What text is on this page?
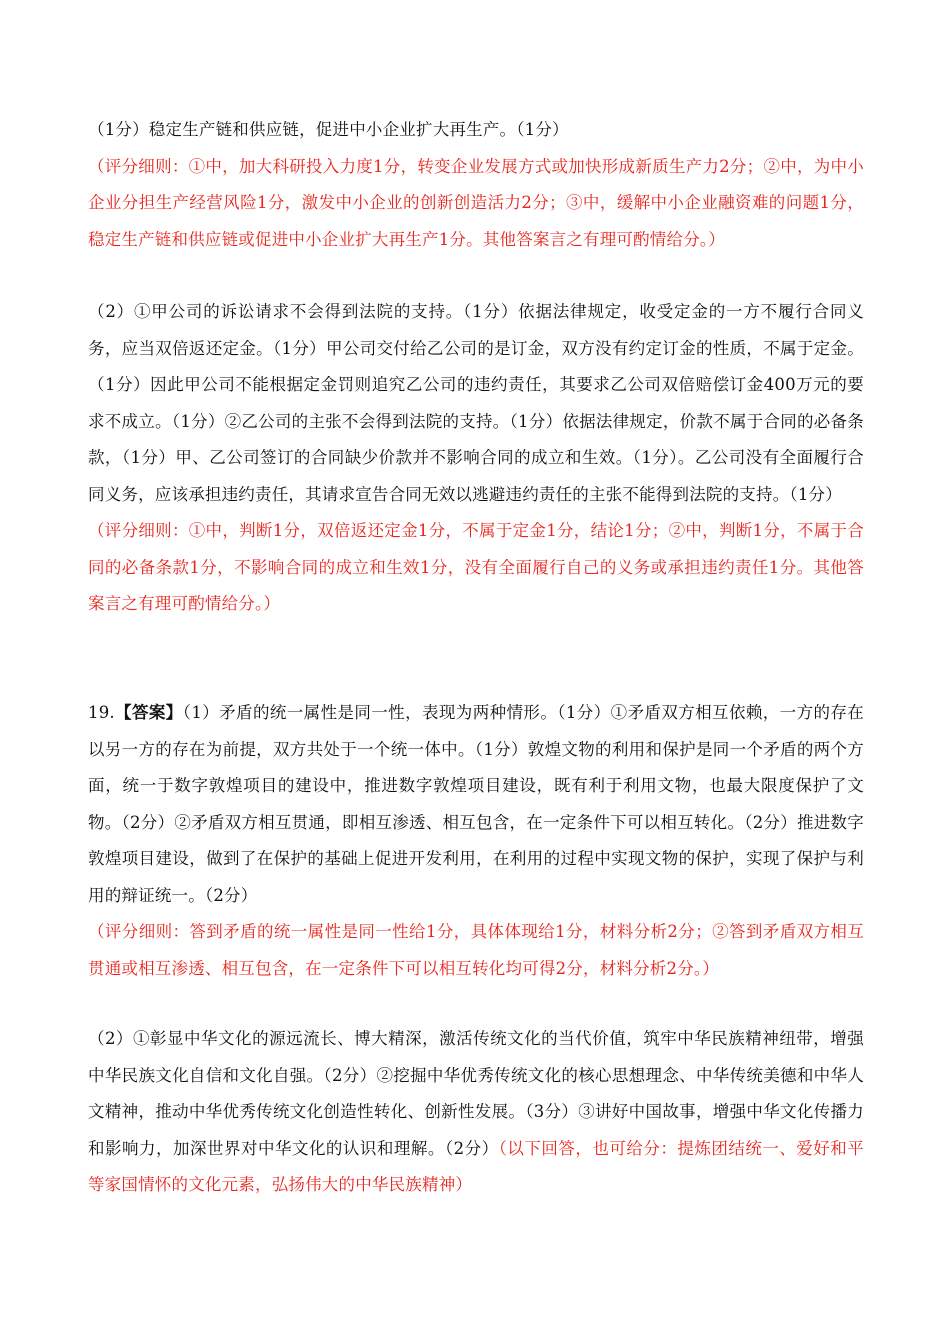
（1分）稳定生产链和供应链，促进中小企业扩大再生产。（1分）

（评分细则：①中，加大科研投入力度1分，转变企业发展方式或加快形成新质生产力2分；②中，为中小企业分担生产经营风险1分，激发中小企业的创新创造活力2分；③中，缓解中小企业融资难的问题1分，稳定生产链和供应链或促进中小企业扩大再生产1分。其他答案言之有理可酌情给分。）

（2）①甲公司的诉讼请求不会得到法院的支持。（1分）依据法律规定，收受定金的一方不履行合同义务，应当双倍返还定金。（1分）甲公司交付给乙公司的是订金，双方没有约定订金的性质，不属于定金。（1分）因此甲公司不能根据定金罚则追究乙公司的违约责任，其要求乙公司双倍赔偿订金400万元的要求不成立。（1分）②乙公司的主张不会得到法院的支持。（1分）依据法律规定，价款不属于合同的必备条款，（1分）甲、乙公司签订的合同缺少价款并不影响合同的成立和生效。（1分）。乙公司没有全面履行合同义务，应该承担违约责任，其请求宣告合同无效以逃避违约责任的主张不能得到法院的支持。（1分）

（评分细则：①中，判断1分，双倍返还定金1分，不属于定金1分，结论1分；②中，判断1分，不属于合同的必备条款1分，不影响合同的成立和生效1分，没有全面履行自己的义务或承担违约责任1分。其他答案言之有理可酌情给分。）

19.【答案】（1）矛盾的统一属性是同一性，表现为两种情形。（1分）①矛盾双方相互依赖，一方的存在以另一方的存在为前提，双方共处于一个统一体中。（1分）敦煌文物的利用和保护是同一个矛盾的两个方面，统一于数字敦煌项目的建设中，推进数字敦煌项目建设，既有利于利用文物，也最大限度保护了文物。（2分）②矛盾双方相互贯通，即相互渗透、相互包含，在一定条件下可以相互转化。（2分）推进数字敦煌项目建设，做到了在保护的基础上促进开发利用，在利用的过程中实现文物的保护，实现了保护与利用的辩证统一。（2分）

（评分细则：答到矛盾的统一属性是同一性给1分，具体体现给1分，材料分析2分；②答到矛盾双方相互贯通或相互渗透、相互包含，在一定条件下可以相互转化均可得2分，材料分析2分。）

（2）①彰显中华文化的源远流长、博大精深，激活传统文化的当代价值，筑牢中华民族精神纽带，增强中华民族文化自信和文化自强。（2分）②挖掘中华优秀传统文化的核心思想理念、中华传统美德和中华人文精神，推动中华优秀传统文化创造性转化、创新性发展。（3分）③讲好中国故事，增强中华文化传播力和影响力，加深世界对中华文化的认识和理解。（2分）（以下回答，也可给分：提炼团结统一、爱好和平等家国情怀的文化元素，弘扬伟大的中华民族精神）
